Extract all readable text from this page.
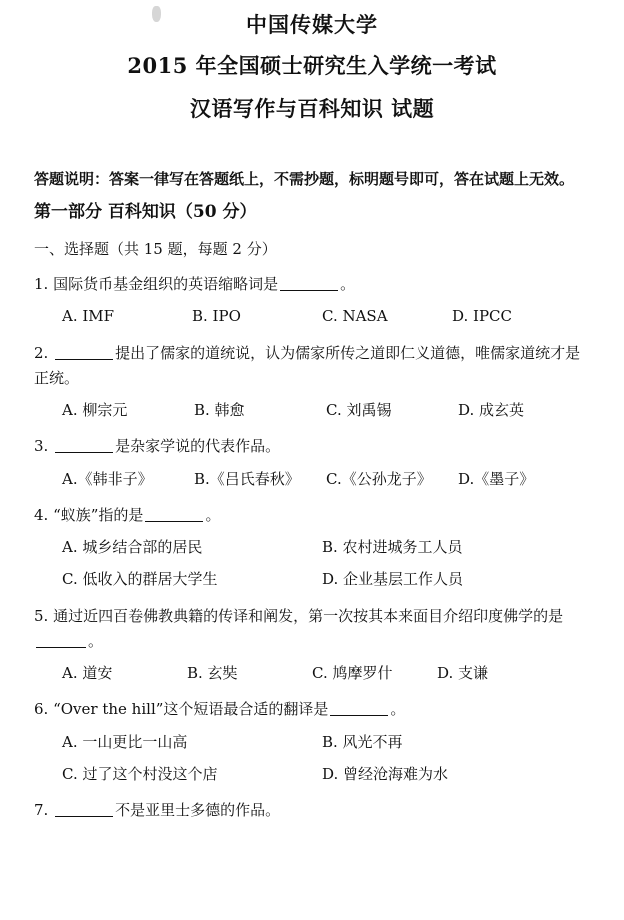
中国传媒大学
2015 年全国硕士研究生入学统一考试
汉语写作与百科知识 试题
答题说明：答案一律写在答题纸上，不需抄题，标明题号即可，答在试题上无效。
第一部分 百科知识（50 分）
一、选择题（共 15 题，每题 2 分）
1. 国际货币基金组织的英语缩略词是	。
A. IMF	B. IPO	C. NASA	D. IPCC
2.	提出了儒家的道统说，认为儒家所传之道即仁义道德，唯儒家道统才是
正统。
A. 柳宗元	B. 韩愈	C. 刘禹锡	D. 成玄英
3.	是杂家学说的代表作品。
A.《韩非子》	B.《吕氏春秋》	C.《公孙龙子》	D.《墨子》
4. “蚁族”指的是	。
A. 城乡结合部的居民	B. 农村进城务工人员
C. 低收入的群居大学生	D. 企业基层工作人员
5. 通过近四百卷佛教典籍的传译和阐发，第一次按其本来面目介绍印度佛学的是
。
A. 道安	B. 玄奘	C. 鸠摩罗什	D. 支谦
6. “Over the hill”这个短语最合适的翻译是	。
A. 一山更比一山高	B. 风光不再
C. 过了这个村没这个店	D. 曾经沧海难为水
7.	不是亚里士多德的作品。
